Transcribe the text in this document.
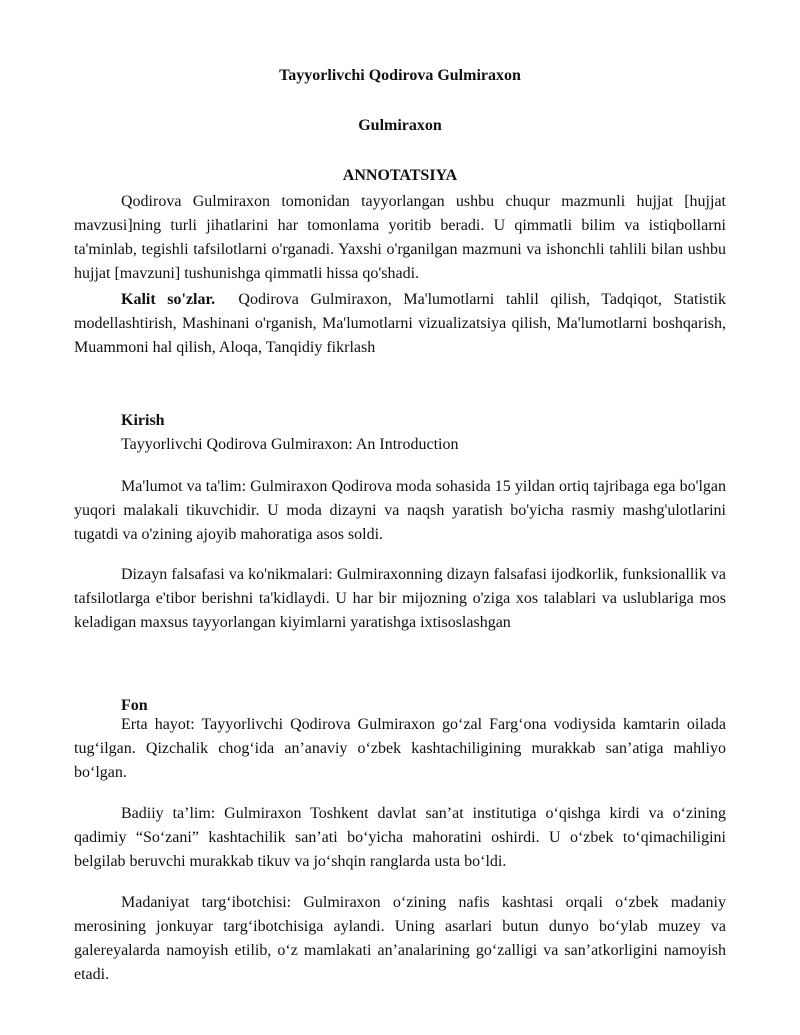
Tayyorlivchi Qodirova Gulmiraxon
Gulmiraxon
ANNOTATSIYA

Qodirova Gulmiraxon tomonidan tayyorlangan ushbu chuqur mazmunli hujjat [hujjat mavzusi]ning turli jihatlarini har tomonlama yoritib beradi. U qimmatli bilim va istiqbollarni ta'minlab, tegishli tafsilotlarni o'rganadi. Yaxshi o'rganilgan mazmuni va ishonchli tahlili bilan ushbu hujjat [mavzuni] tushunishga qimmatli hissa qo'shadi.

Kalit so'zlar. Qodirova Gulmiraxon, Ma'lumotlarni tahlil qilish, Tadqiqot, Statistik modellashtirish, Mashinani o'rganish, Ma'lumotlarni vizualizatsiya qilish, Ma'lumotlarni boshqarish, Muammoni hal qilish, Aloqa, Tanqidiy fikrlash

Kirish
Tayyorlivchi Qodirova Gulmiraxon: An Introduction

Ma'lumot va ta'lim: Gulmiraxon Qodirova moda sohasida 15 yildan ortiq tajribaga ega bo'lgan yuqori malakali tikuvchidir. U moda dizayni va naqsh yaratish bo'yicha rasmiy mashg'ulotlarini tugatdi va o'zining ajoyib mahoratiga asos soldi.

Dizayn falsafasi va ko'nikmalari: Gulmiraxonning dizayn falsafasi ijodkorlik, funksionallik va tafsilotlarga e'tibor berishni ta'kidlaydi. U har bir mijozning o'ziga xos talablari va uslublariga mos keladigan maxsus tayyorlangan kiyimlarni yaratishga ixtisoslashgan

Fon

Erta hayot: Tayyorlivchi Qodirova Gulmiraxon go‘zal Farg‘ona vodiysida kamtarin oilada tug‘ilgan. Qizchalik chog‘ida an’anaviy o‘zbek kashtachiligining murakkab san’atiga mahliyo bo‘lgan.

Badiiy ta’lim: Gulmiraxon Toshkent davlat san’at institutiga o‘qishga kirdi va o‘zining qadimiy “So‘zani” kashtachilik san’ati bo‘yicha mahoratini oshirdi. U o‘zbek to‘qimachiligini belgilab beruvchi murakkab tikuv va jo‘shqin ranglarda usta bo‘ldi.

Madaniyat targ‘ibotchisi: Gulmiraxon o‘zining nafis kashtasi orqali o‘zbek madaniy merosining jonkuyar targ‘ibotchisiga aylandi. Uning asarlari butun dunyo bo‘ylab muzey va galereyalarda namoyish etilib, o‘z mamlakati an’analarining go‘zalligi va san’atkorligini namoyish etadi.
